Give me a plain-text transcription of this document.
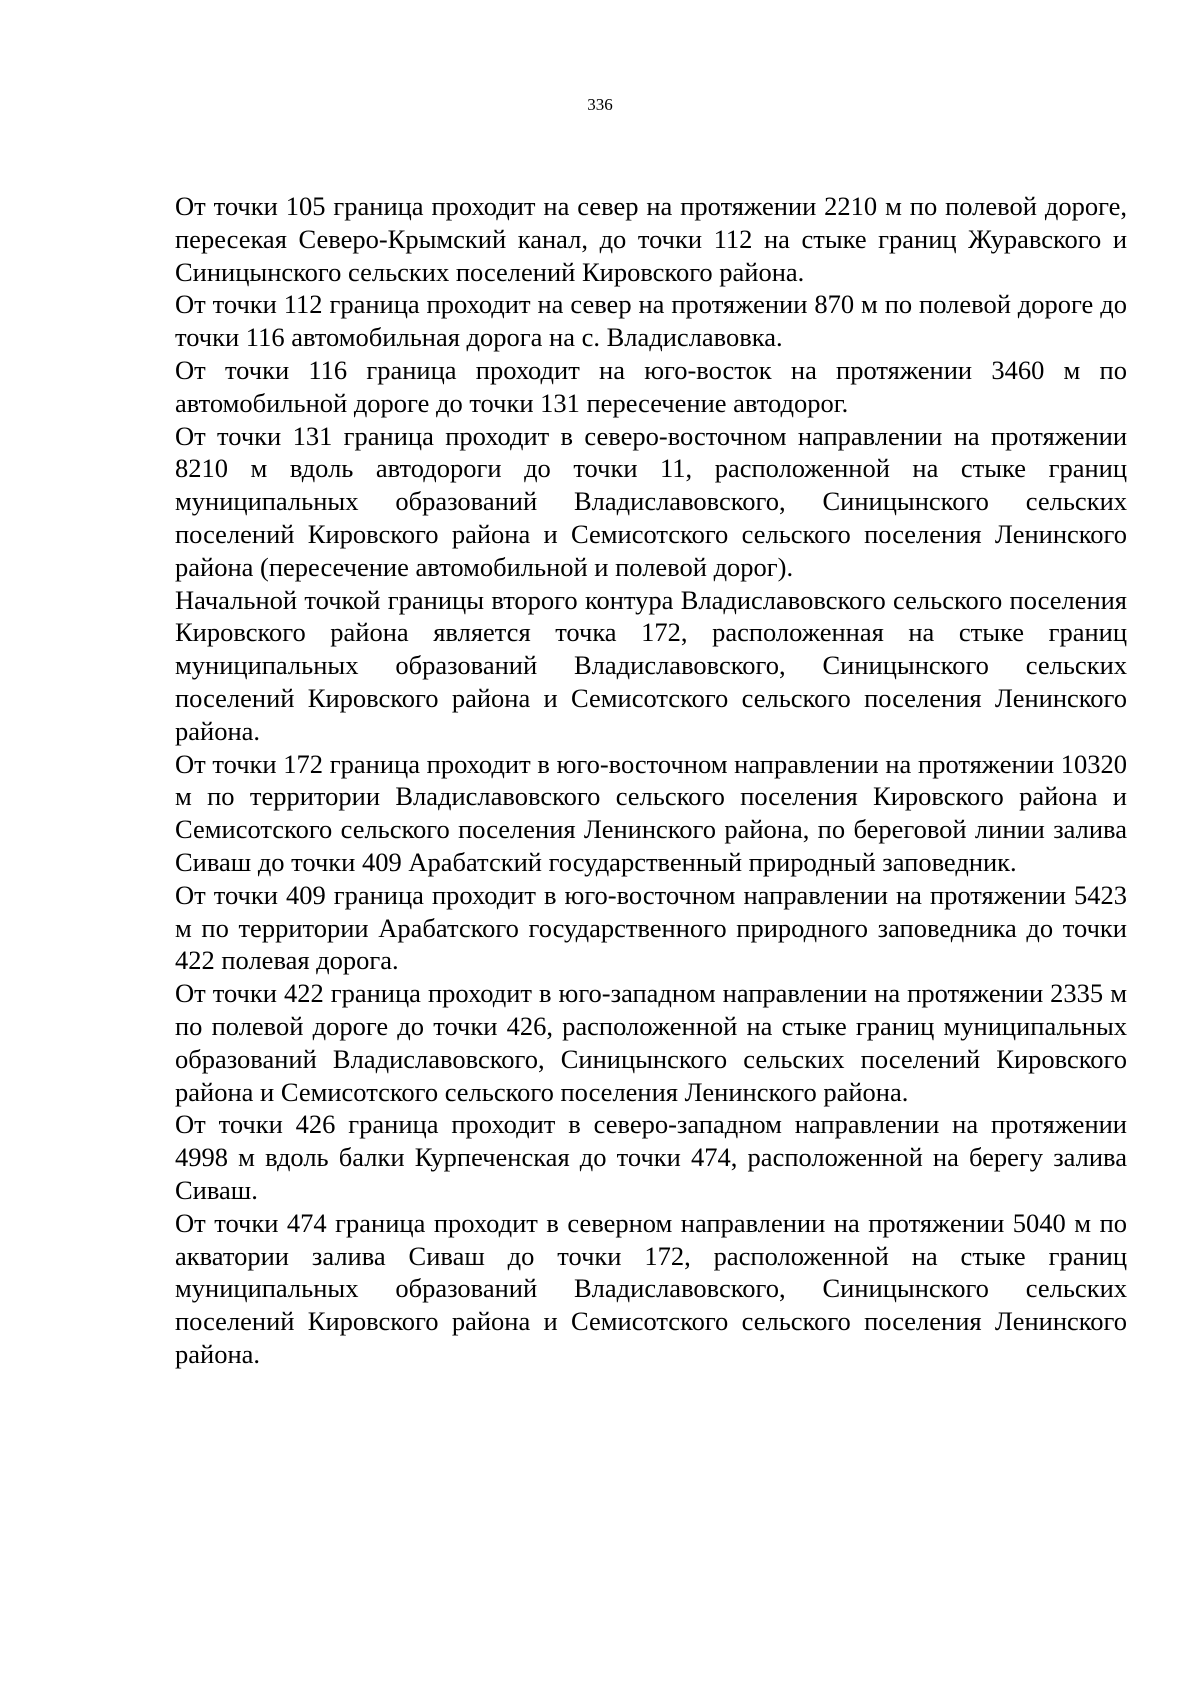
336

От точки 105 граница проходит на север на протяжении 2210 м по полевой дороге, пересекая Северо-Крымский канал, до точки 112 на стыке границ Журавского и Синицынского сельских поселений Кировского района.

От точки 112 граница проходит на север на протяжении 870 м по полевой дороге до точки 116 автомобильная дорога на с. Владиславовка.

От точки 116 граница проходит на юго-восток на протяжении 3460 м по автомобильной дороге до точки 131 пересечение автодорог.

От точки 131 граница проходит в северо-восточном направлении на протяжении 8210 м вдоль автодороги до точки 11, расположенной на стыке границ муниципальных образований Владиславовского, Синицынского сельских поселений Кировского района и Семисотского сельского поселения Ленинского района (пересечение автомобильной и полевой дорог).

Начальной точкой границы второго контура Владиславовского сельского поселения Кировского района является точка 172, расположенная на стыке границ муниципальных образований Владиславовского, Синицынского сельских поселений Кировского района и Семисотского сельского поселения Ленинского района.

От точки 172 граница проходит в юго-восточном направлении на протяжении 10320 м по территории Владиславовского сельского поселения Кировского района и Семисотского сельского поселения Ленинского района, по береговой линии залива Сиваш до точки 409 Арабатский государственный природный заповедник.

От точки 409 граница проходит в юго-восточном направлении на протяжении 5423 м по территории Арабатского государственного природного заповедника до точки 422 полевая дорога.

От точки 422 граница проходит в юго-западном направлении на протяжении 2335 м по полевой дороге до точки 426, расположенной на стыке границ муниципальных образований Владиславовского, Синицынского сельских поселений Кировского района и Семисотского сельского поселения Ленинского района.

От точки 426 граница проходит в северо-западном направлении на протяжении 4998 м вдоль балки Курпеченская до точки 474, расположенной на берегу залива Сиваш.

От точки 474 граница проходит в северном направлении на протяжении 5040 м по акватории залива Сиваш до точки 172, расположенной на стыке границ муниципальных образований Владиславовского, Синицынского сельских поселений Кировского района и Семисотского сельского поселения Ленинского района.
